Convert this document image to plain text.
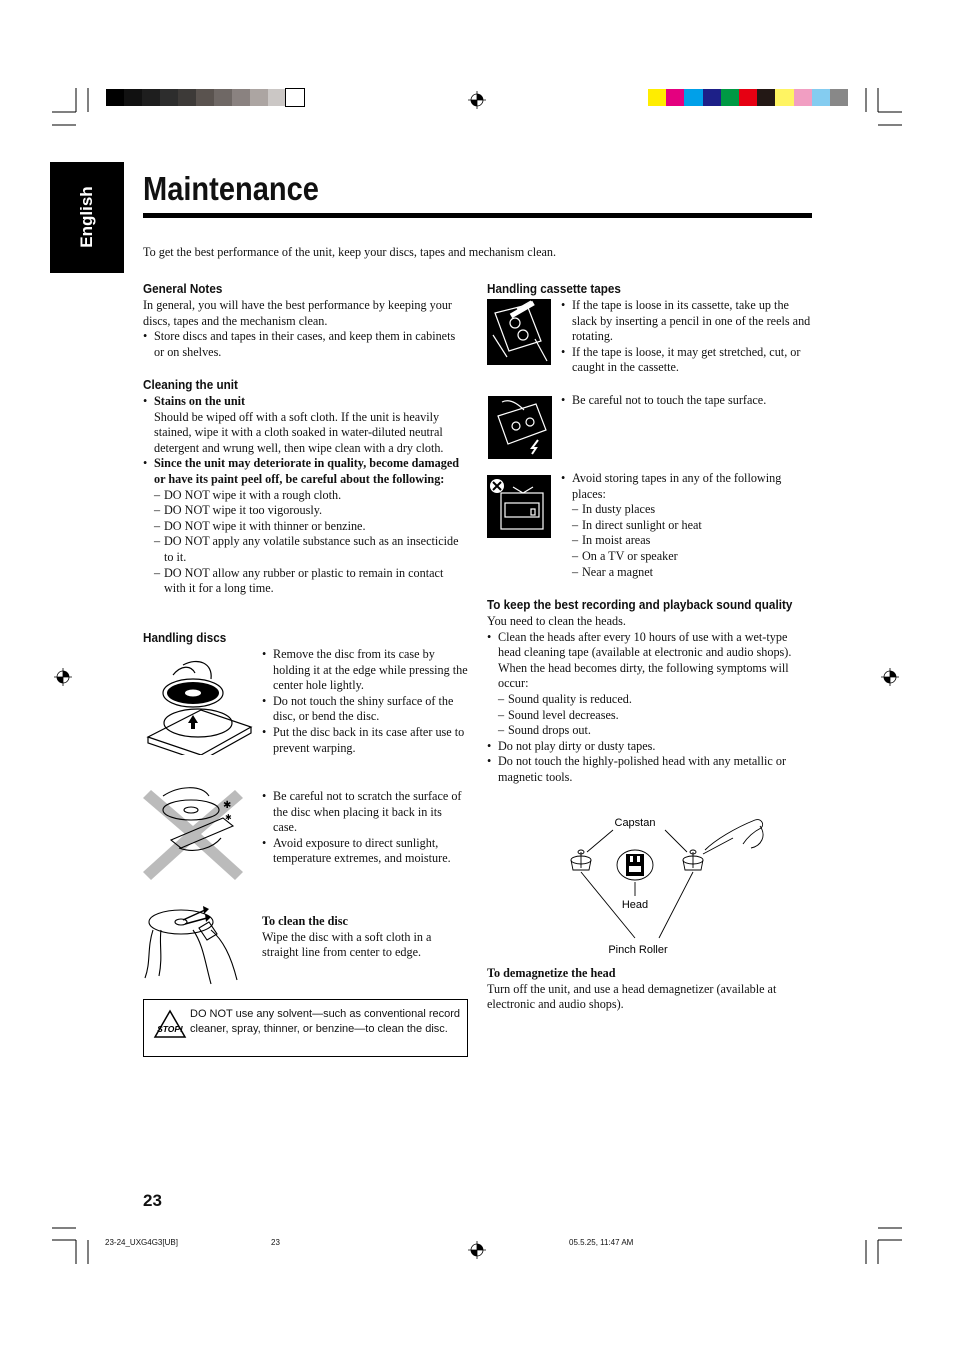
English Maintenance
To get the best performance of the unit, keep your discs, tapes and mechanism clean.
General Notes
In general, you will have the best performance by keeping your discs, tapes and the mechanism clean.
• Store discs and tapes in their cases, and keep them in cabinets or on shelves.
Cleaning the unit
• Stains on the unit
Should be wiped off with a soft cloth. If the unit is heavily stained, wipe it with a cloth soaked in water-diluted neutral detergent and wrung well, then wipe clean with a dry cloth.
• Since the unit may deteriorate in quality, become damaged or have its paint peel off, be careful about the following:
– DO NOT wipe it with a rough cloth.
– DO NOT wipe it too vigorously.
– DO NOT wipe it with thinner or benzine.
– DO NOT apply any volatile substance such as an insecticide to it.
– DO NOT allow any rubber or plastic to remain in contact with it for a long time.
Handling discs
• Remove the disc from its case by holding it at the edge while pressing the center hole lightly.
• Do not touch the shiny surface of the disc, or bend the disc.
• Put the disc back in its case after use to prevent warping.
✱
✱
• Be careful not to scratch the surface of the disc when placing it back in its case.
• Avoid exposure to direct sunlight, temperature extremes, and moisture.
To clean the disc
Wipe the disc with a soft cloth in a straight line from center to edge.
STOP!
DO NOT use any solvent—such as conventional record cleaner, spray, thinner, or benzine—to clean the disc.
Handling cassette tapes
• If the tape is loose in its cassette, take up the slack by inserting a pencil in one of the reels and rotating.
• If the tape is loose, it may get stretched, cut, or caught in the cassette.
• Be careful not to touch the tape surface.
• Avoid storing tapes in any of the following places:
– In dusty places
– In direct sunlight or heat
– In moist areas
– On a TV or speaker
– Near a magnet
To keep the best recording and playback sound quality
You need to clean the heads.
• Clean the heads after every 10 hours of use with a wet-type head cleaning tape (available at electronic and audio shops).
When the head becomes dirty, the following symptoms will occur:
– Sound quality is reduced.
– Sound level decreases.
– Sound drops out.
• Do not play dirty or dusty tapes.
• Do not touch the highly-polished head with any metallic or magnetic tools.
Capstan
Head
Pinch Roller
To demagnetize the head
Turn off the unit, and use a head demagnetizer (available at electronic and audio shops).
23
23-24_UXG4G3[UB]	23	05.5.25, 11:47 AM
